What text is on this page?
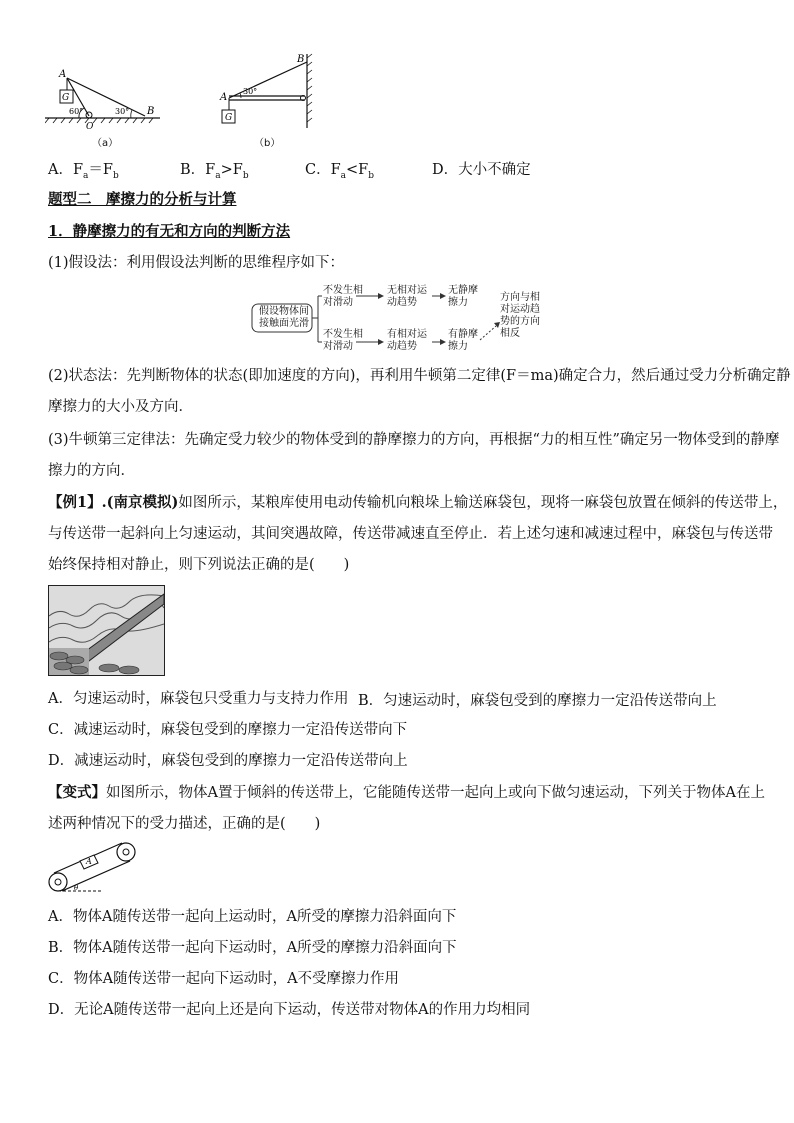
A
G
60°	30°
O
B
（a）
A
B
30°
G
（b）
A．$F_a=F_b$	B．$F_a>F_b$	C．$F_a<F_b$	D．大小不确定
题型二　摩擦力的分析与计算
1．静摩擦力的有无和方向的判断方法
(1)假设法：利用假设法判断的思维程序如下：
假设物体间
接触面光滑
不发生相
对滑动
无相对运
动趋势
无静摩
擦力
不发生相
对滑动
有相对运
动趋势
有静摩
擦力
方向与相
对运动趋
势的方向
相反
(2)状态法：先判断物体的状态(即加速度的方向)，再利用牛顿第二定律(F＝ma)确定合力，然后通过受力分析确定静
摩擦力的大小及方向．
(3)牛顿第三定律法：先确定受力较少的物体受到的静摩擦力的方向，再根据“力的相互性”确定另一物体受到的静摩
擦力的方向．
【例1】.(南京模拟)如图所示，某粮库使用电动传输机向粮垛上输送麻袋包，现将一麻袋包放置在倾斜的传送带上，
与传送带一起斜向上匀速运动，其间突遇故障，传送带减速直至停止．若上述匀速和减速过程中，麻袋包与传送带
始终保持相对静止，则下列说法正确的是(　　)
A．匀速运动时，麻袋包只受重力与支持力作用 B．匀速运动时，麻袋包受到的摩擦力一定沿传送带向上
C．减速运动时，麻袋包受到的摩擦力一定沿传送带向下
D．减速运动时，麻袋包受到的摩擦力一定沿传送带向上
【变式】如图所示，物体A置于倾斜的传送带上，它能随传送带一起向上或向下做匀速运动，下列关于物体A在上
述两种情况下的受力描述，正确的是(　　)
A
θ
A．物体A随传送带一起向上运动时，A所受的摩擦力沿斜面向下
B．物体A随传送带一起向下运动时，A所受的摩擦力沿斜面向下
C．物体A随传送带一起向下运动时，A不受摩擦力作用
D．无论A随传送带一起向上还是向下运动，传送带对物体A的作用力均相同
